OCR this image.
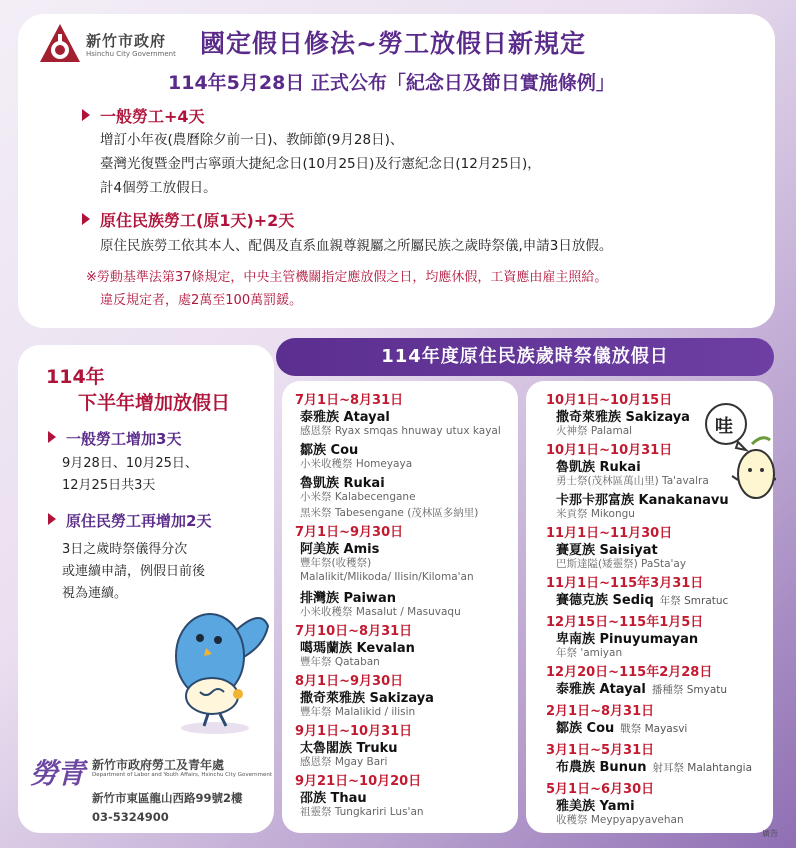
新竹市政府
Hsinchu City Government 國定假日修法~勞工放假日新規定
114年5月28日 正式公布「紀念日及節日實施條例」
一般勞工+4天
增訂小年夜(農曆除夕前一日)、教師節(9月28日)、
臺灣光復暨金門古寧頭大捷紀念日(10月25日)及行憲紀念日(12月25日)，
計4個勞工放假日。
原住民族勞工(原1天)+2天
原住民族勞工依其本人、配偶及直系血親尊親屬之所屬民族之歲時祭儀,申請3日放假。
※勞動基準法第37條規定，中央主管機關指定應放假之日，均應休假，工資應由雇主照給。
違反規定者，處2萬至100萬罰鍰。
114年
下半年增加放假日
一般勞工增加3天
9月28日、10月25日、
12月25日共3天
原住民勞工再增加2天
3日之歲時祭儀得分次
或連續申請，例假日前後
視為連續。
114年度原住民族歲時祭儀放假日
7月1日~8月31日
泰雅族 Atayal
感恩祭 Ryax smqas hnuway utux kayal
鄒族 Cou
小米收穫祭 Homeyaya
魯凱族 Rukai
小米祭 Kalabecengane
黑米祭 Tabesengane (茂林區多納里)
7月1日~9月30日
阿美族 Amis
豐年祭(收穫祭)
Malalikit/Mlikoda/ Ilisin/Kiloma'an
排灣族 Paiwan
小米收穫祭 Masalut / Masuvaqu
7月10日~8月31日
噶瑪蘭族 Kevalan
豐年祭 Qataban
8月1日~9月30日
撒奇萊雅族 Sakizaya
豐年祭 Malalikid / ilisin
9月1日~10月31日
太魯閣族 Truku
感恩祭 Mgay Bari
9月21日~10月20日
邵族 Thau
祖靈祭 Tungkariri Lus'an
10月1日~10月15日
撒奇萊雅族 Sakizaya
火神祭 Palamal
10月1日~10月31日
魯凱族 Rukai
勇士祭(茂林區萬山里) Ta'avalra
卡那卡那富族 Kanakanavu
米貢祭 Mikongu
11月1日~11月30日
賽夏族 Saisiyat
巴斯達隘(矮靈祭) PaSta'ay
11月1日~115年3月31日
賽德克族 Sediq 年祭 Smratuc
12月15日~115年1月5日
卑南族 Pinuyumayan
年祭 'amiyan
12月20日~115年2月28日
泰雅族 Atayal 播種祭 Smyatu
2月1日~8月31日
鄒族 Cou 戰祭 Mayasvi
3月1日~5月31日
布農族 Bunun 射耳祭 Malahtangia
5月1日~6月30日
雅美族 Yami
收穫祭 Meypyapyavehan
哇
勞青 新竹市政府勞工及青年處
Department of Labor and Youth Affairs, Hsinchu City Government
新竹市東區龍山西路99號2樓
03-5324900
廣告
